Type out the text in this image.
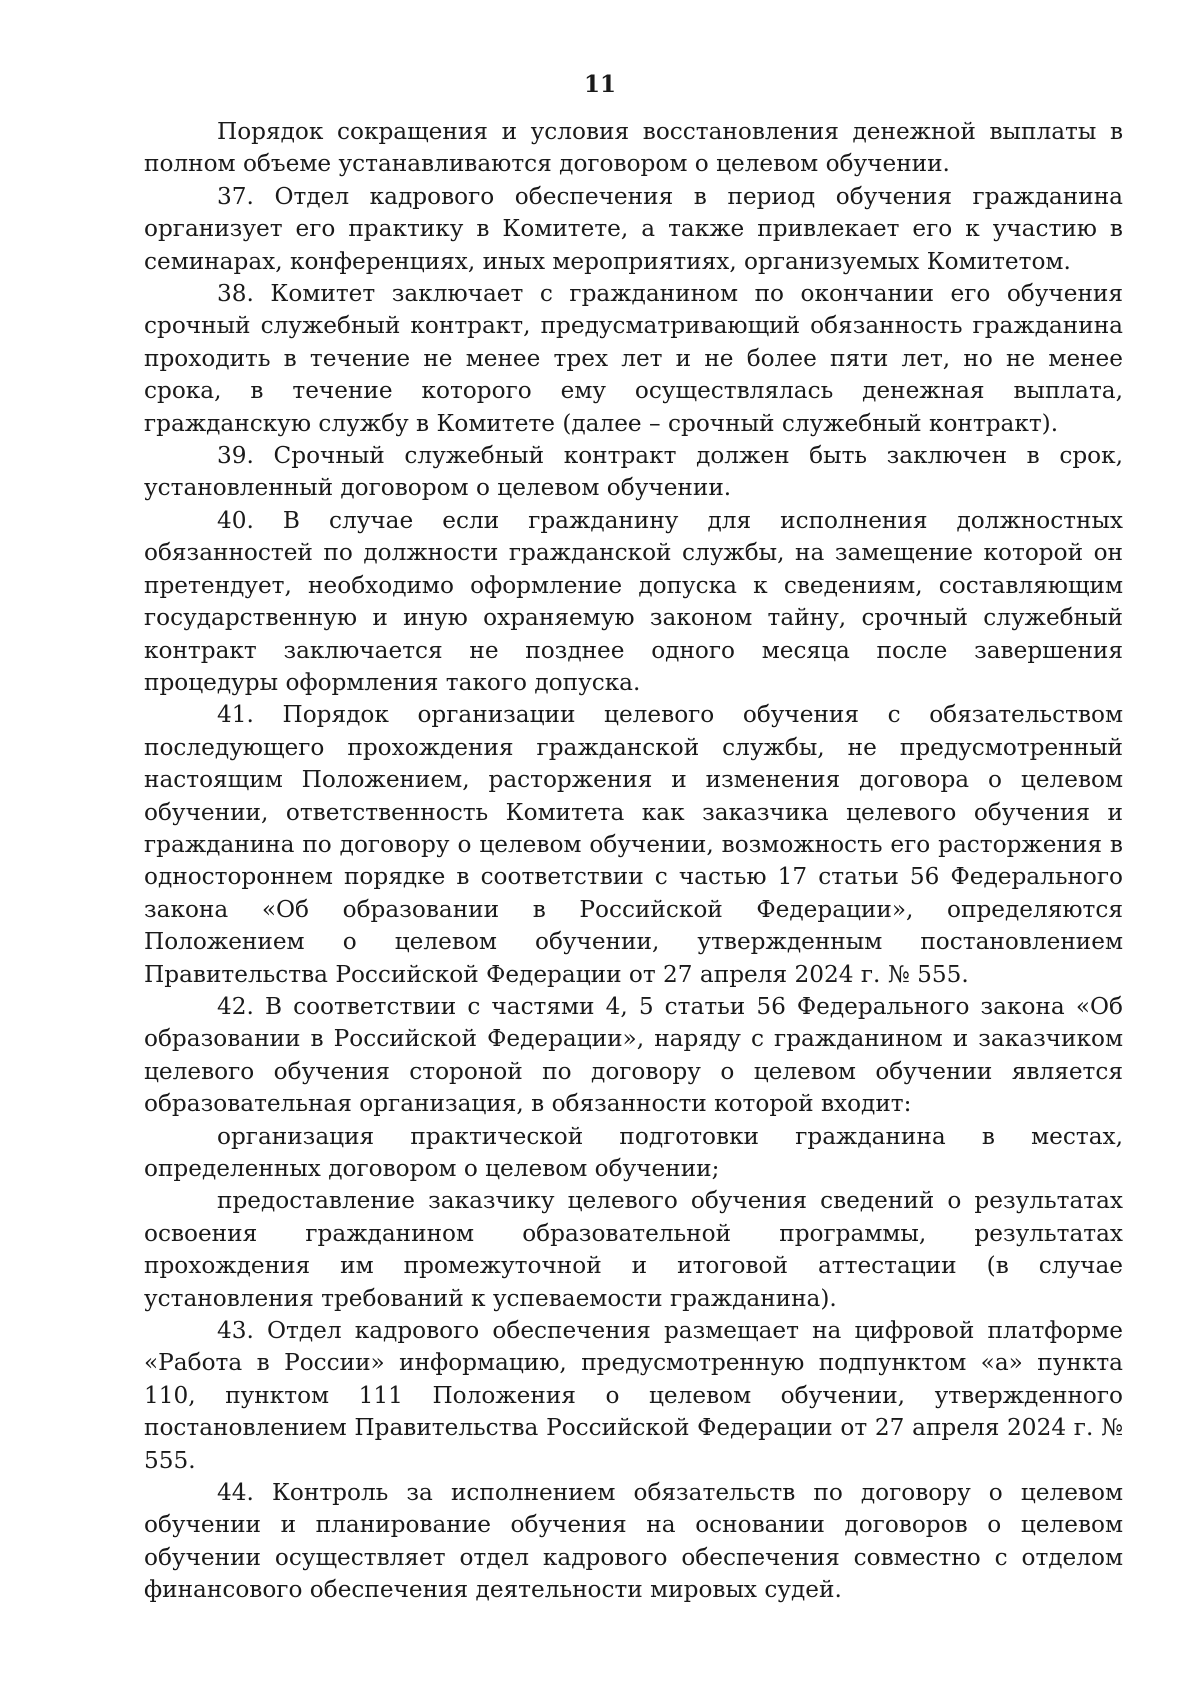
11

Порядок сокращения и условия восстановления денежной выплаты в полном объеме устанавливаются договором о целевом обучении.

37. Отдел кадрового обеспечения в период обучения гражданина организует его практику в Комитете, а также привлекает его к участию в семинарах, конференциях, иных мероприятиях, организуемых Комитетом.

38. Комитет заключает с гражданином по окончании его обучения срочный служебный контракт, предусматривающий обязанность гражданина проходить в течение не менее трех лет и не более пяти лет, но не менее срока, в течение которого ему осуществлялась денежная выплата, гражданскую службу в Комитете (далее – срочный служебный контракт).

39. Срочный служебный контракт должен быть заключен в срок, установленный договором о целевом обучении.

40. В случае если гражданину для исполнения должностных обязанностей по должности гражданской службы, на замещение которой он претендует, необходимо оформление допуска к сведениям, составляющим государственную и иную охраняемую законом тайну, срочный служебный контракт заключается не позднее одного месяца после завершения процедуры оформления такого допуска.

41. Порядок организации целевого обучения с обязательством последующего прохождения гражданской службы, не предусмотренный настоящим Положением, расторжения и изменения договора о целевом обучении, ответственность Комитета как заказчика целевого обучения и гражданина по договору о целевом обучении, возможность его расторжения в одностороннем порядке в соответствии с частью 17 статьи 56 Федерального закона «Об образовании в Российской Федерации», определяются Положением о целевом обучении, утвержденным постановлением Правительства Российской Федерации от 27 апреля 2024 г. № 555.

42. В соответствии с частями 4, 5 статьи 56 Федерального закона «Об образовании в Российской Федерации», наряду с гражданином и заказчиком целевого обучения стороной по договору о целевом обучении является образовательная организация, в обязанности которой входит:

организация практической подготовки гражданина в местах, определенных договором о целевом обучении;

предоставление заказчику целевого обучения сведений о результатах освоения гражданином образовательной программы, результатах прохождения им промежуточной и итоговой аттестации (в случае установления требований к успеваемости гражданина).

43. Отдел кадрового обеспечения размещает на цифровой платформе «Работа в России» информацию, предусмотренную подпунктом «а» пункта 110, пунктом 111 Положения о целевом обучении, утвержденного постановлением Правительства Российской Федерации от 27 апреля 2024 г. № 555.

44. Контроль за исполнением обязательств по договору о целевом обучении и планирование обучения на основании договоров о целевом обучении осуществляет отдел кадрового обеспечения совместно с отделом финансового обеспечения деятельности мировых судей.
